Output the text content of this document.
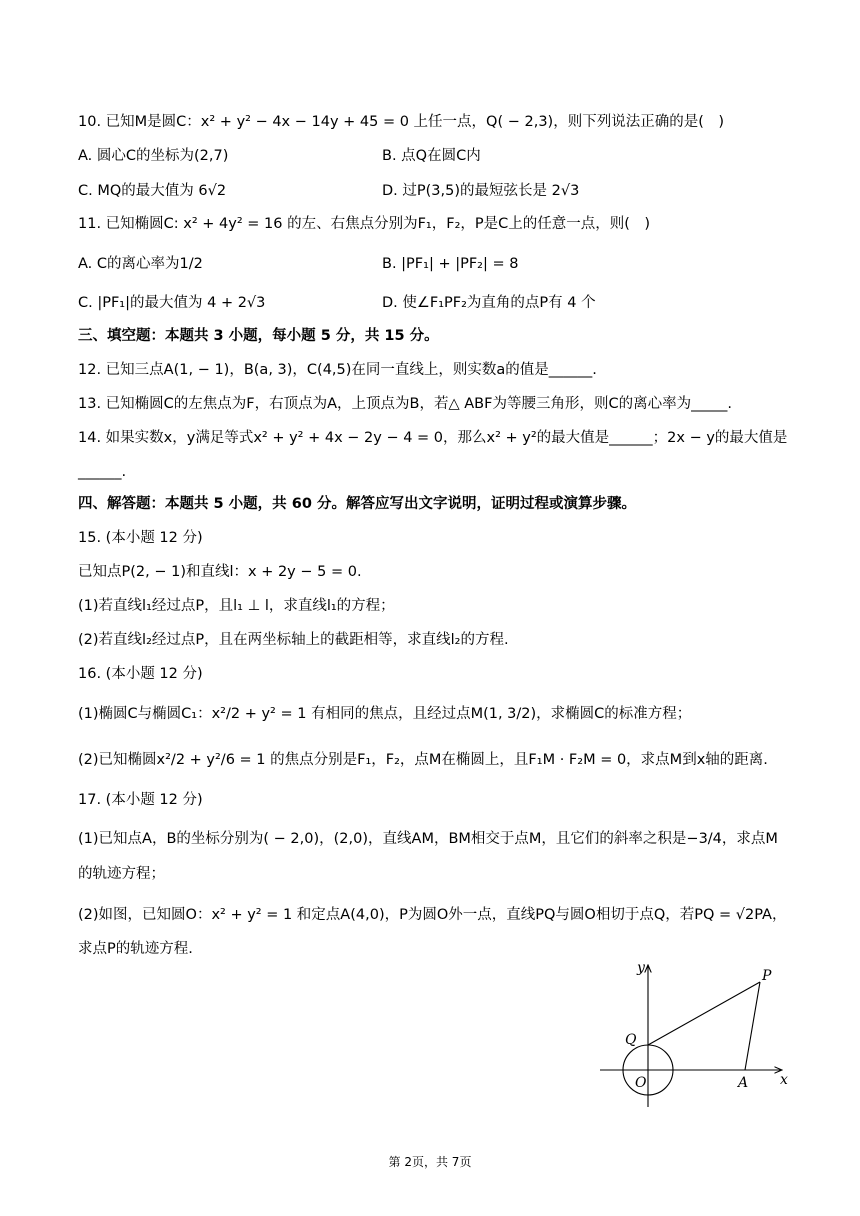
10. 已知M是圆C：x² + y² − 4x − 14y + 45 = 0 上任一点，Q( − 2,3)，则下列说法正确的是(　)
A. 圆心C的坐标为(2,7)	B. 点Q在圆C内
C. MQ的最大值为 6√2	D. 过P(3,5)的最短弦长是 2√3
11. 已知椭圆C: x² + 4y² = 16 的左、右焦点分别为F₁，F₂，P是C上的任意一点，则(　)
A. C的离心率为1/2	B. |PF₁| + |PF₂| = 8
C. |PF₁|的最大值为 4 + 2√3	D. 使∠F₁PF₂为直角的点P有 4 个
三、填空题：本题共 3 小题，每小题 5 分，共 15 分。
12. 已知三点A(1, − 1)，B(a, 3)，C(4,5)在同一直线上，则实数a的值是______.
13. 已知椭圆C的左焦点为F，右顶点为A，上顶点为B，若△ ABF为等腰三角形，则C的离心率为_____.
14. 如果实数x，y满足等式x² + y² + 4x − 2y − 4 = 0，那么x² + y²的最大值是______；2x − y的最大值是
______.
四、解答题：本题共 5 小题，共 60 分。解答应写出文字说明，证明过程或演算步骤。
15. (本小题 12 分)
已知点P(2, − 1)和直线l：x + 2y − 5 = 0.
(1)若直线l₁经过点P，且l₁ ⊥ l，求直线l₁的方程；
(2)若直线l₂经过点P，且在两坐标轴上的截距相等，求直线l₂的方程.
16. (本小题 12 分)
(1)椭圆C与椭圆C₁：x²/2 + y² = 1 有相同的焦点，且经过点M(1, 3/2)，求椭圆C的标准方程；
(2)已知椭圆x²/2 + y²/6 = 1 的焦点分别是F₁，F₂，点M在椭圆上，且F₁M · F₂M = 0，求点M到x轴的距离.
17. (本小题 12 分)
(1)已知点A，B的坐标分别为( − 2,0)，(2,0)，直线AM，BM相交于点M，且它们的斜率之积是−3/4，求点M
的轨迹方程；
(2)如图，已知圆O：x² + y² = 1 和定点A(4,0)，P为圆O外一点，直线PQ与圆O相切于点Q，若PQ = √2PA，
求点P的轨迹方程.
y
x
P
Q
O	A
第 2页，共 7页
